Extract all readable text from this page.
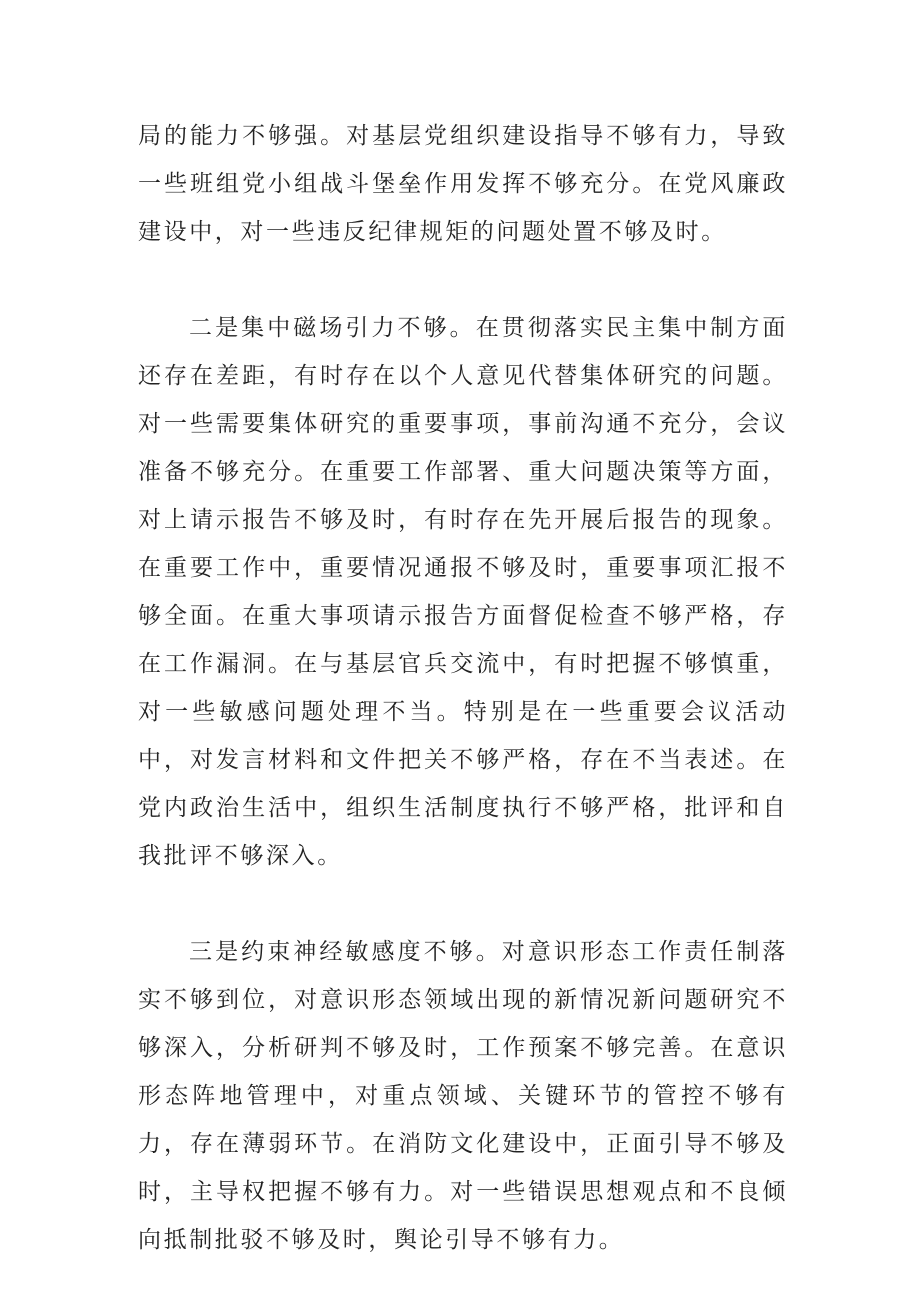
局的能力不够强。对基层党组织建设指导不够有力，导致一些班组党小组战斗堡垒作用发挥不够充分。在党风廉政建设中，对一些违反纪律规矩的问题处置不够及时。

二是集中磁场引力不够。在贯彻落实民主集中制方面还存在差距，有时存在以个人意见代替集体研究的问题。对一些需要集体研究的重要事项，事前沟通不充分，会议准备不够充分。在重要工作部署、重大问题决策等方面，对上请示报告不够及时，有时存在先开展后报告的现象。在重要工作中，重要情况通报不够及时，重要事项汇报不够全面。在重大事项请示报告方面督促检查不够严格，存在工作漏洞。在与基层官兵交流中，有时把握不够慎重，对一些敏感问题处理不当。特别是在一些重要会议活动中，对发言材料和文件把关不够严格，存在不当表述。在党内政治生活中，组织生活制度执行不够严格，批评和自我批评不够深入。

三是约束神经敏感度不够。对意识形态工作责任制落实不够到位，对意识形态领域出现的新情况新问题研究不够深入，分析研判不够及时，工作预案不够完善。在意识形态阵地管理中，对重点领域、关键环节的管控不够有力，存在薄弱环节。在消防文化建设中，正面引导不够及时，主导权把握不够有力。对一些错误思想观点和不良倾向抵制批驳不够及时，舆论引导不够有力。
